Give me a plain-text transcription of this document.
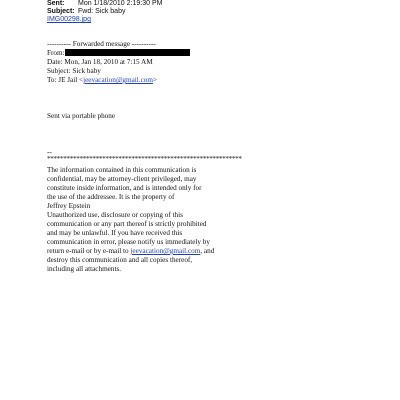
Sent: Mon 1/18/2010 2:19:30 PM
Subject: Fwd: Sick baby
IMG00298.jpg
---------- Forwarded message ----------
From:
Date: Mon, Jan 18, 2010 at 7:15 AM
Subject: Sick baby
To: JE Jail <jeevacation@gmail.com>
Sent via portable phone
--
************************************************************
The information contained in this communication is
confidential, may be attorney-client privileged, may
constitute inside information, and is intended only for
the use of the addressee. It is the property of
Jeffrey Epstein
Unauthorized use, disclosure or copying of this
communication or any part thereof is strictly prohibited
and may be unlawful. If you have received this
communication in error, please notify us immediately by
return e-mail or by e-mail to jeevacation@gmail.com, and
destroy this communication and all copies thereof,
including all attachments.
